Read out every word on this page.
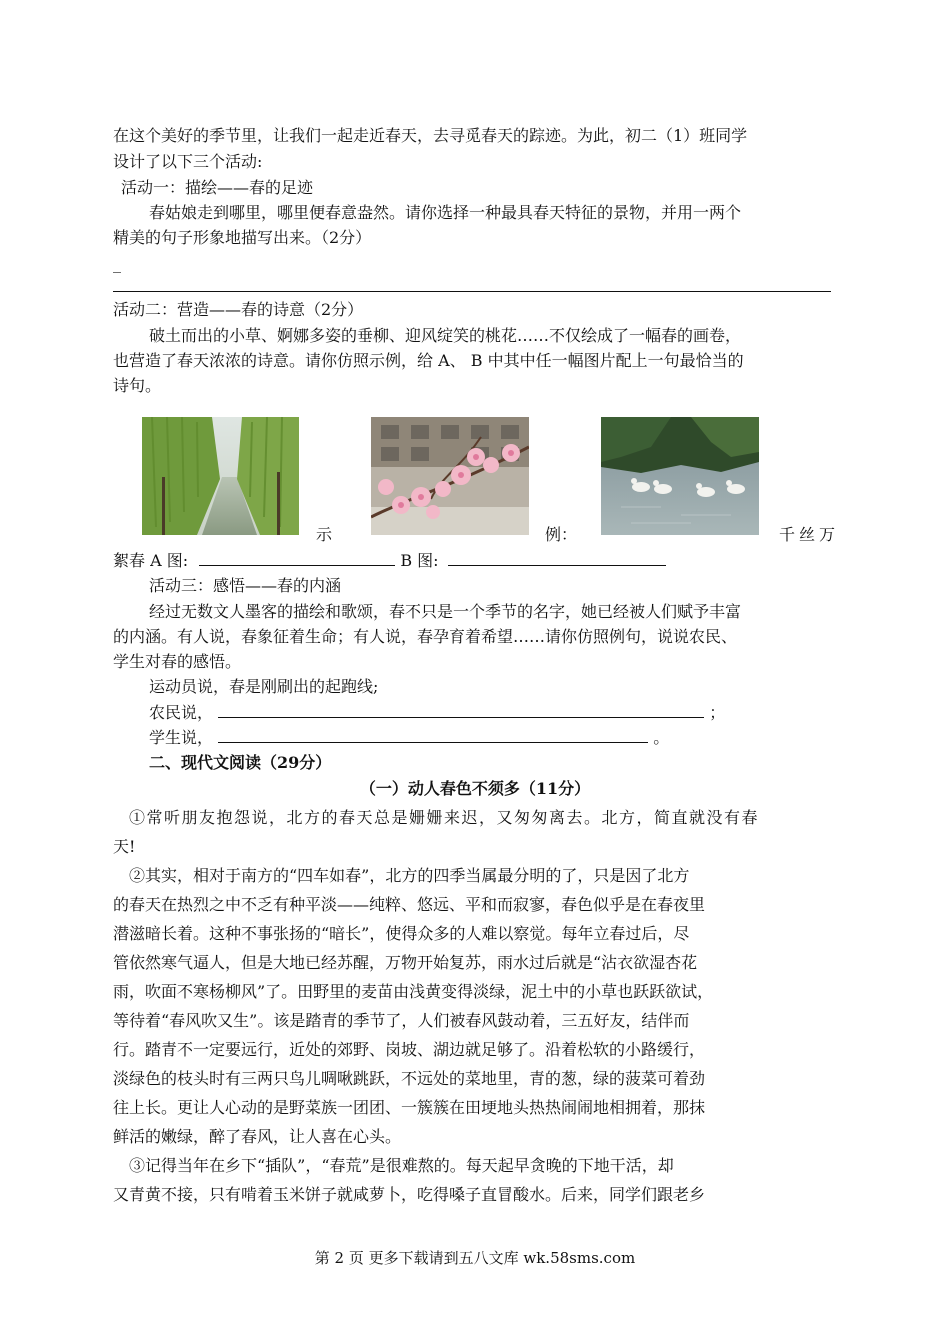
在这个美好的季节里，让我们一起走近春天，去寻觅春天的踪迹。为此，初二（1）班同学
设计了以下三个活动:
活动一：描绘——春的足迹
春姑娘走到哪里，哪里便春意盎然。请你选择一种最具春天特征的景物，并用一两个
精美的句子形象地描写出来。（2分）
_
活动二：营造——春的诗意（2分）
破土而出的小草、婀娜多姿的垂柳、迎风绽笑的桃花……不仅绘成了一幅春的画卷，
也营造了春天浓浓的诗意。请你仿照示例，给 A、 B 中其中任一幅图片配上一句最恰当的
诗句。
示	例：	千丝万
絮春 A 图:	B 图:
活动三：感悟——春的内涵
经过无数文人墨客的描绘和歌颂，春不只是一个季节的名字，她已经被人们赋予丰富
的内涵。有人说，春象征着生命；有人说，春孕育着希望……请你仿照例句，说说农民、
学生对春的感悟。
运动员说，春是刚刷出的起跑线;
农民说，	；
学生说，	。
二、现代文阅读（29分）
（一）动人春色不须多（11分）
①常听朋友抱怨说，北方的春天总是姗姗来迟，又匆匆离去。北方，简直就没有春
天!
②其实，相对于南方的“四车如春”，北方的四季当属最分明的了，只是因了北方
的春天在热烈之中不乏有种平淡——纯粹、悠远、平和而寂寥，春色似乎是在春夜里
潜滋暗长着。这种不事张扬的“暗长”，使得众多的人难以察觉。每年立春过后，尽
管依然寒气逼人，但是大地已经苏醒，万物开始复苏，雨水过后就是“沾衣欲湿杏花
雨，吹面不寒杨柳风”了。田野里的麦苗由浅黄变得淡绿，泥土中的小草也跃跃欲试，
等待着“春风吹又生”。该是踏青的季节了，人们被春风鼓动着，三五好友，结伴而
行。踏青不一定要远行，近处的郊野、岗坡、湖边就足够了。沿着松软的小路缓行，
淡绿色的枝头时有三两只鸟儿啁啾跳跃，不远处的菜地里，青的葱，绿的菠菜可着劲
往上长。更让人心动的是野菜族一团团、一簇簇在田埂地头热热闹闹地相拥着，那抹
鲜活的嫩绿，醉了春风，让人喜在心头。
③记得当年在乡下“插队”，“春荒”是很难熬的。每天起早贪晚的下地干活，却
又青黄不接，只有啃着玉米饼子就咸萝卜，吃得嗓子直冒酸水。后来，同学们跟老乡
第 2 页 更多下载请到五八文库 wk.58sms.com
